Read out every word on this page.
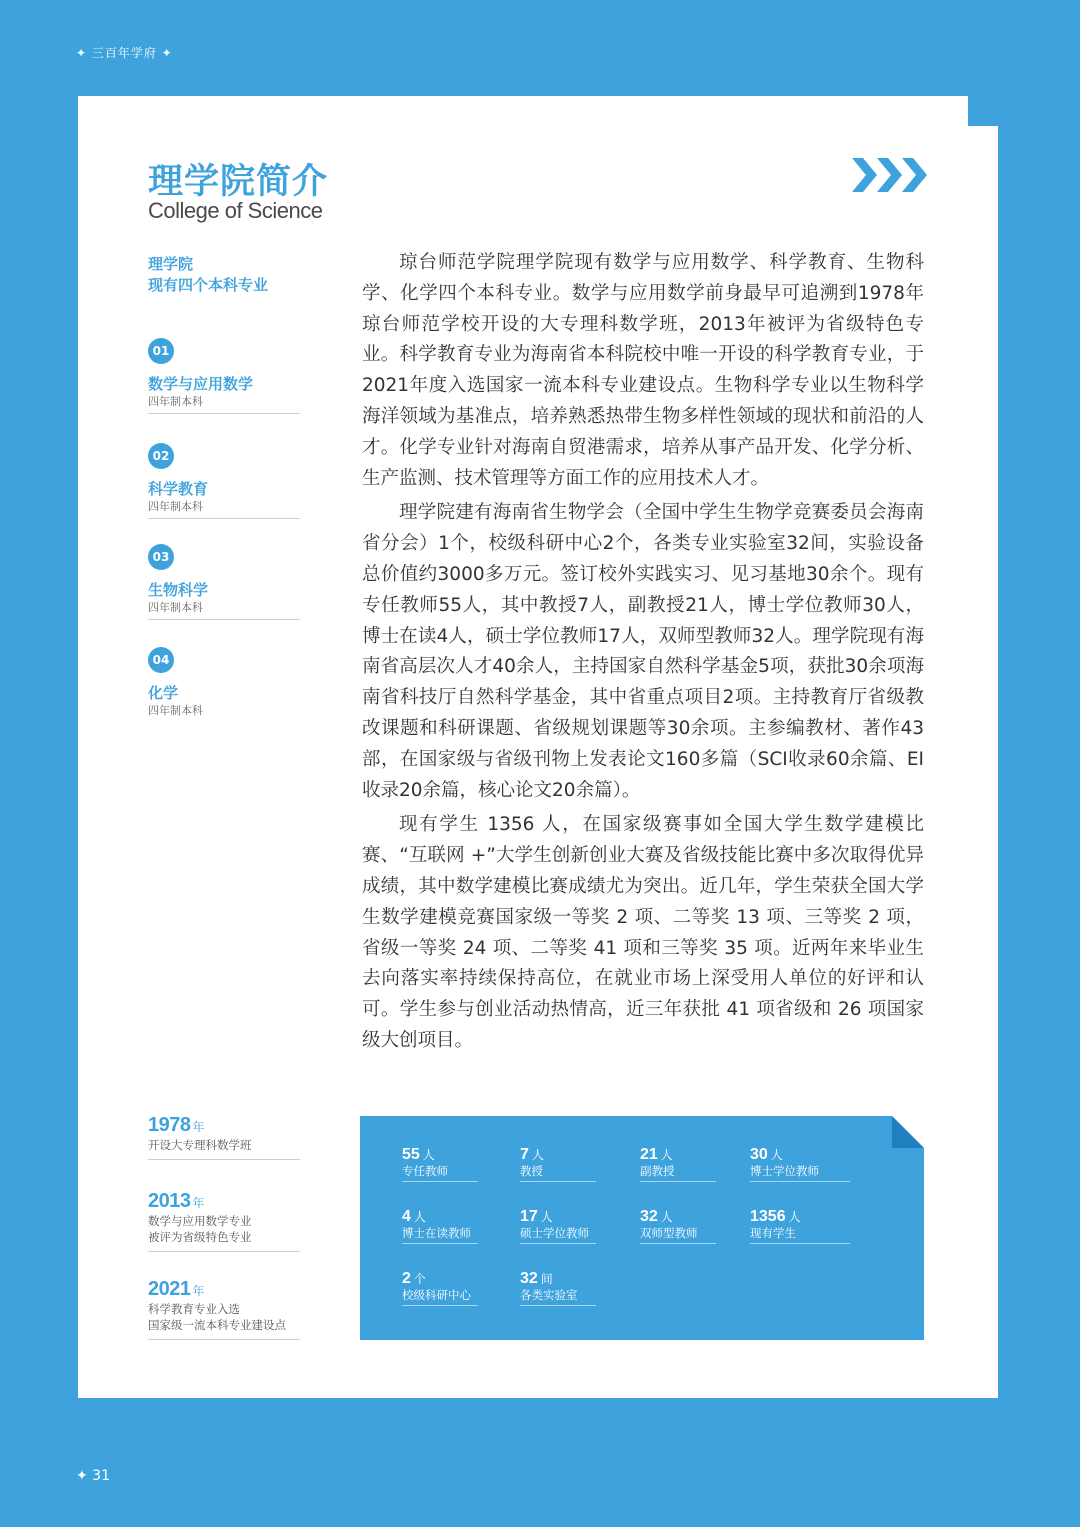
✦ 三百年学府 ✦
理学院简介
College of Science
理学院
现有四个本科专业
01
数学与应用数学
四年制本科
02
科学教育
四年制本科
03
生物科学
四年制本科
04
化学
四年制本科

琼台师范学院理学院现有数学与应用数学、科学教育、生物科学、化学四个本科专业。数学与应用数学前身最早可追溯到1978年琼台师范学校开设的大专理科数学班，2013年被评为省级特色专业。科学教育专业为海南省本科院校中唯一开设的科学教育专业，于2021年度入选国家一流本科专业建设点。生物科学专业以生物科学海洋领域为基准点，培养熟悉热带生物多样性领域的现状和前沿的人才。化学专业针对海南自贸港需求，培养从事产品开发、化学分析、生产监测、技术管理等方面工作的应用技术人才。

理学院建有海南省生物学会（全国中学生生物学竞赛委员会海南省分会）1个，校级科研中心2个，各类专业实验室32间，实验设备总价值约3000多万元。签订校外实践实习、见习基地30余个。现有专任教师55人，其中教授7人，副教授21人，博士学位教师30人，博士在读4人，硕士学位教师17人，双师型教师32人。理学院现有海南省高层次人才40余人，主持国家自然科学基金5项，获批30余项海南省科技厅自然科学基金，其中省重点项目2项。主持教育厅省级教改课题和科研课题、省级规划课题等30余项。主参编教材、著作43部，在国家级与省级刊物上发表论文160多篇（SCI收录60余篇、EI收录20余篇，核心论文20余篇）。

现有学生 1356 人，在国家级赛事如全国大学生数学建模比赛、“互联网 +”大学生创新创业大赛及省级技能比赛中多次取得优异成绩，其中数学建模比赛成绩尤为突出。近几年，学生荣获全国大学生数学建模竞赛国家级一等奖 2 项、二等奖 13 项、三等奖 2 项，省级一等奖 24 项、二等奖 41 项和三等奖 35 项。近两年来毕业生去向落实率持续保持高位，在就业市场上深受用人单位的好评和认可。学生参与创业活动热情高，近三年获批 41 项省级和 26 项国家级大创项目。

1978 年
开设大专理科数学班
2013 年
数学与应用数学专业
被评为省级特色专业
2021 年
科学教育专业入选
国家级一流本科专业建设点
55 人
专任教师
7 人
教授
21 人
副教授
30 人
博士学位教师
4 人
博士在读教师
17 人
硕士学位教师
32 人
双师型教师
1356 人
现有学生
2 个
校级科研中心
32 间
各类实验室
✦ 31
